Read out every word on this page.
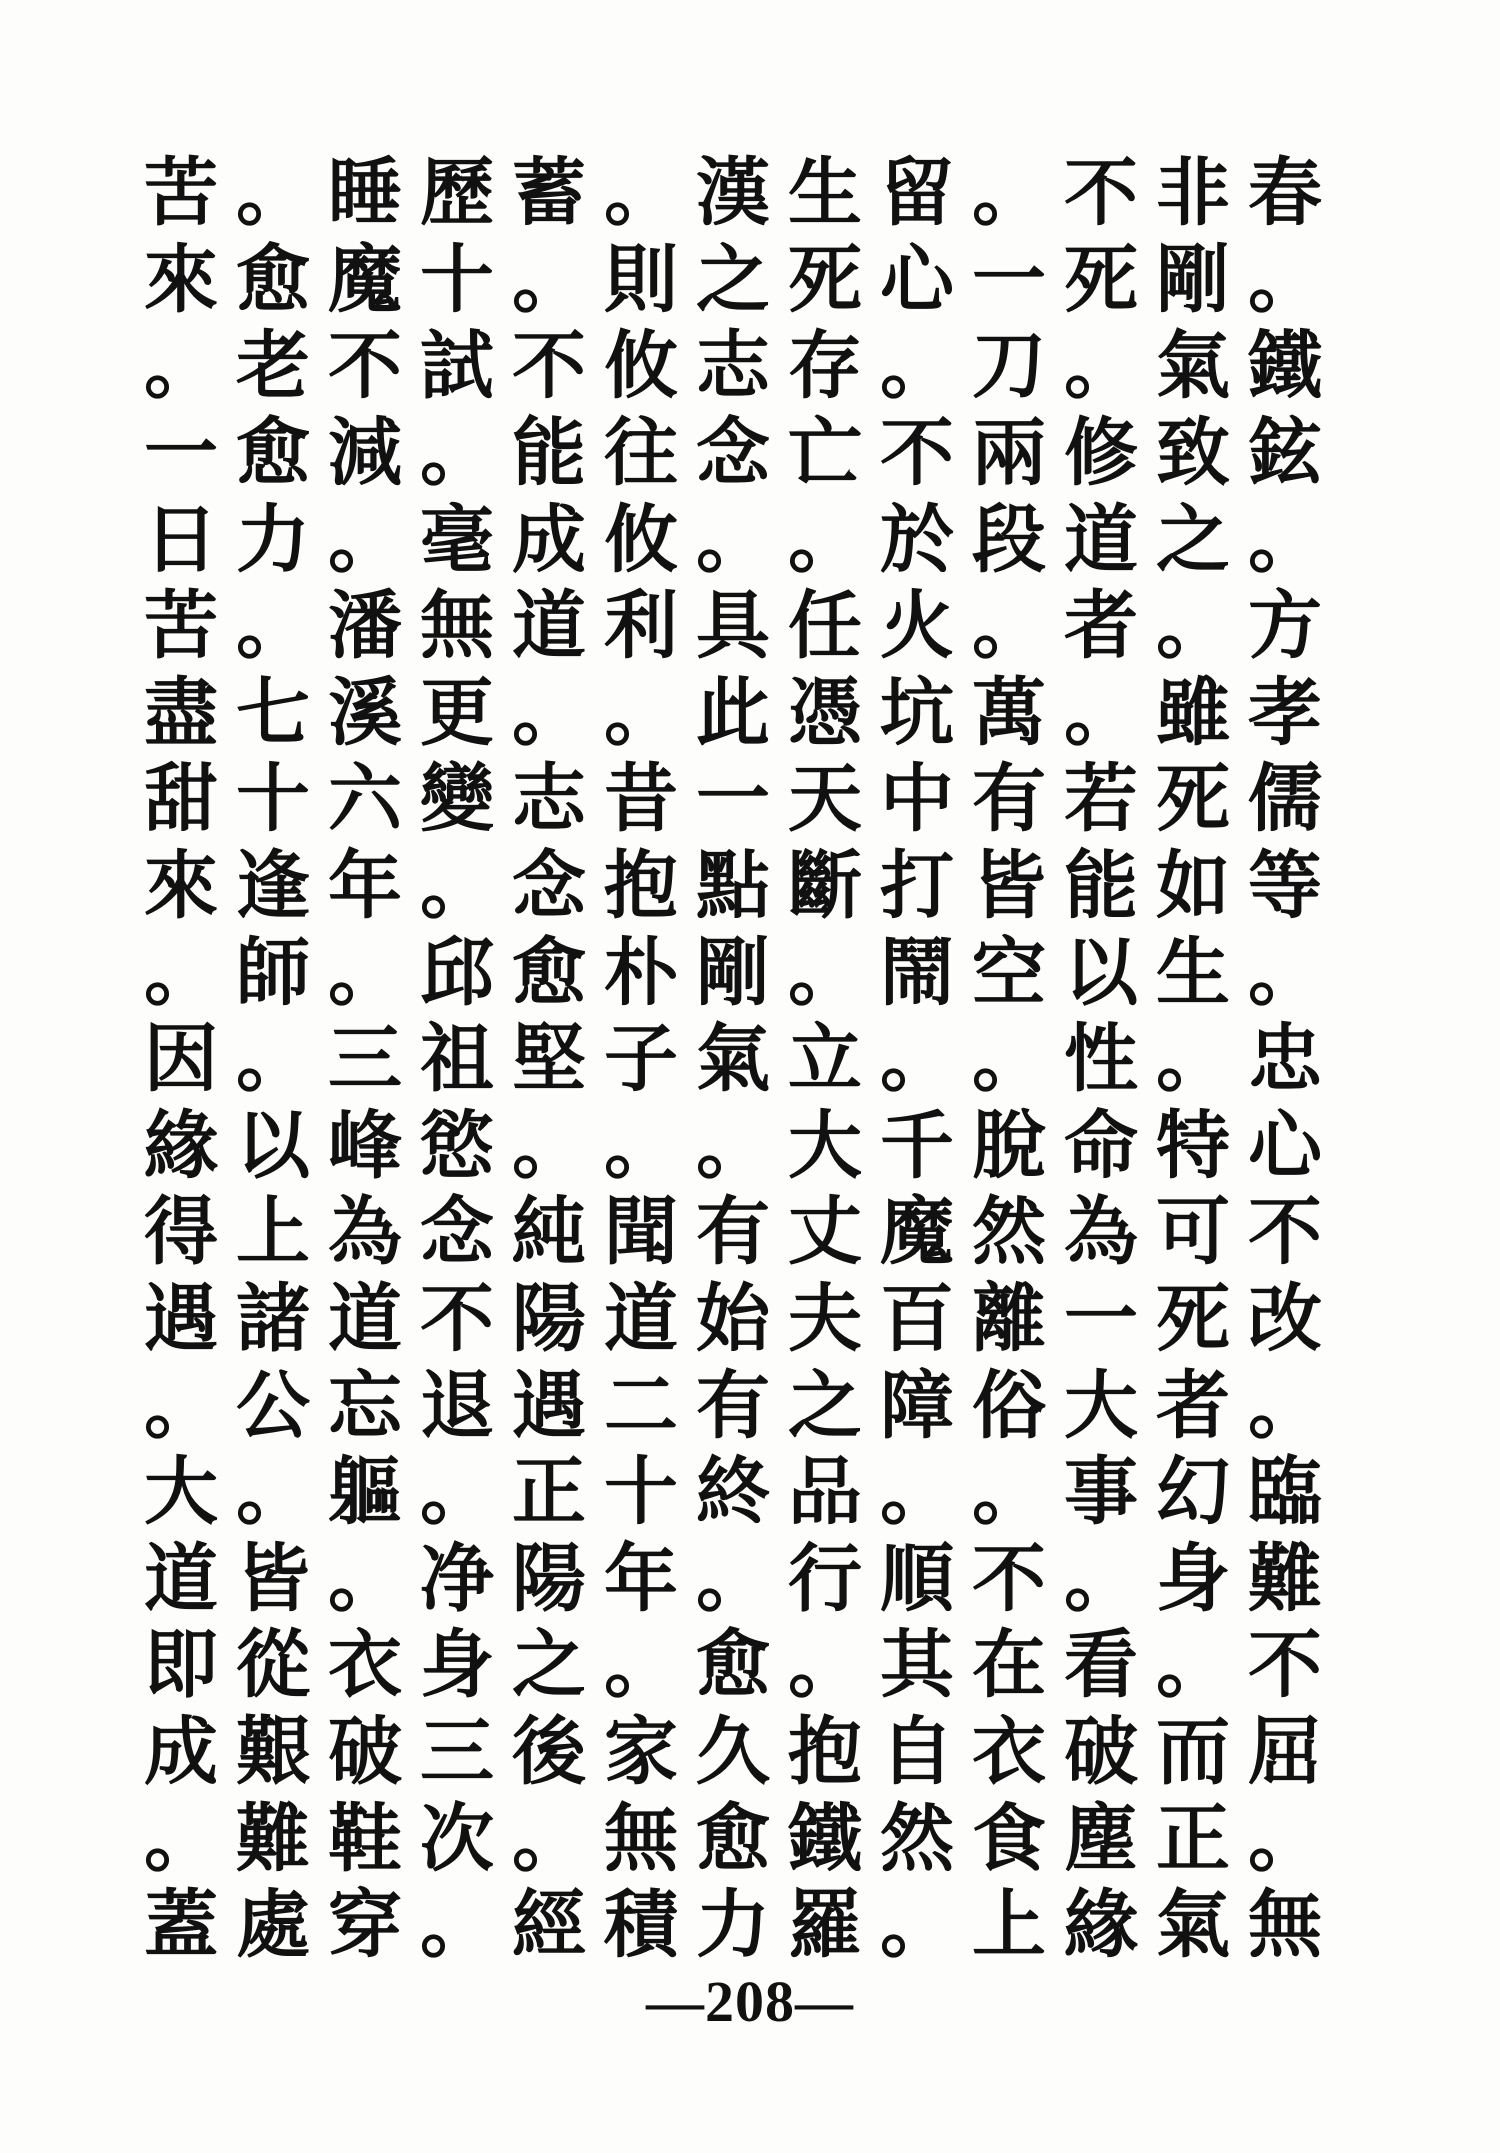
苦 。 睡 歷 蓄 。 漢 生 留 。 不 非 春
來 愈 魔 十 。 則 之 死 心 一 死 剛 。
。 老 不 試 不 攸 志 存 。 刀 。 氣 鐵
一 愈 減 。 能 往 念 亡 不 兩 修 致 鉉
日 力 。 毫 成 攸 。 。 於 段 道 之 。
苦 。 潘 無 道 利 具 任 火 。 者 。 方
盡 七 溪 更 。 。 此 憑 坑 萬 。 雖 孝
甜 十 六 變 志 昔 一 天 中 有 若 死 儒
來 逢 年 。 念 抱 點 斷 打 皆 能 如 等
。 師 。 邱 愈 朴 剛 。 鬧 空 以 生 。
因 。 三 祖 堅 子 氣 立 。 。 性 。 忠
緣 以 峰 慾 。 。 。 大 千 脫 命 特 心
得 上 為 念 純 聞 有 丈 魔 然 為 可 不
遇 諸 道 不 陽 道 始 夫 百 離 一 死 改
。 公 忘 退 遇 二 有 之 障 俗 大 者 。
大 。 軀 。 正 十 終 品 。 。 事 幻 臨
道 皆 。 净 陽 年 。 行 順 不 。 身 難
即 從 衣 身 之 。 愈 。 其 在 看 。 不
成 艱 破 三 後 家 久 抱 自 衣 破 而 屈
。 難 鞋 次 。 無 愈 鐵 然 食 塵 正 。
蓋 處 穿 。 經 積 力 羅 。 上 緣 氣 無
—208—
